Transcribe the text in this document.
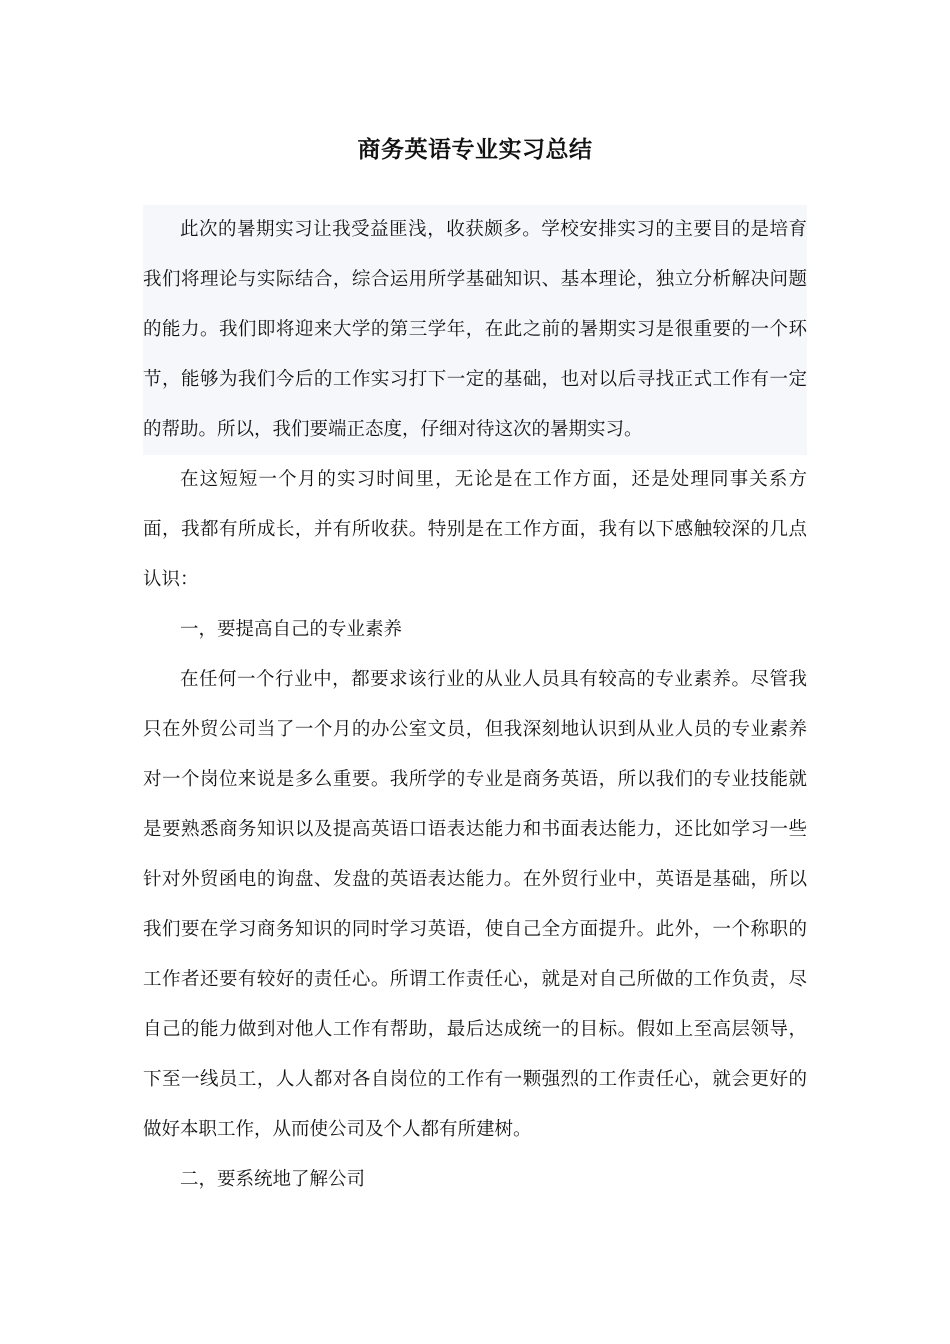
商务英语专业实习总结

此次的暑期实习让我受益匪浅，收获颇多。学校安排实习的主要目的是培育我们将理论与实际结合，综合运用所学基础知识、基本理论，独立分析解决问题的能力。我们即将迎来大学的第三学年，在此之前的暑期实习是很重要的一个环节，能够为我们今后的工作实习打下一定的基础，也对以后寻找正式工作有一定的帮助。所以，我们要端正态度，仔细对待这次的暑期实习。

在这短短一个月的实习时间里，无论是在工作方面，还是处理同事关系方面，我都有所成长，并有所收获。特别是在工作方面，我有以下感触较深的几点认识：

一，要提高自己的专业素养

在任何一个行业中，都要求该行业的从业人员具有较高的专业素养。尽管我只在外贸公司当了一个月的办公室文员，但我深刻地认识到从业人员的专业素养对一个岗位来说是多么重要。我所学的专业是商务英语，所以我们的专业技能就是要熟悉商务知识以及提高英语口语表达能力和书面表达能力，还比如学习一些针对外贸函电的询盘、发盘的英语表达能力。在外贸行业中，英语是基础，所以我们要在学习商务知识的同时学习英语，使自己全方面提升。此外，一个称职的工作者还要有较好的责任心。所谓工作责任心，就是对自己所做的工作负责，尽自己的能力做到对他人工作有帮助，最后达成统一的目标。假如上至高层领导，下至一线员工，人人都对各自岗位的工作有一颗强烈的工作责任心，就会更好的做好本职工作，从而使公司及个人都有所建树。

二，要系统地了解公司
